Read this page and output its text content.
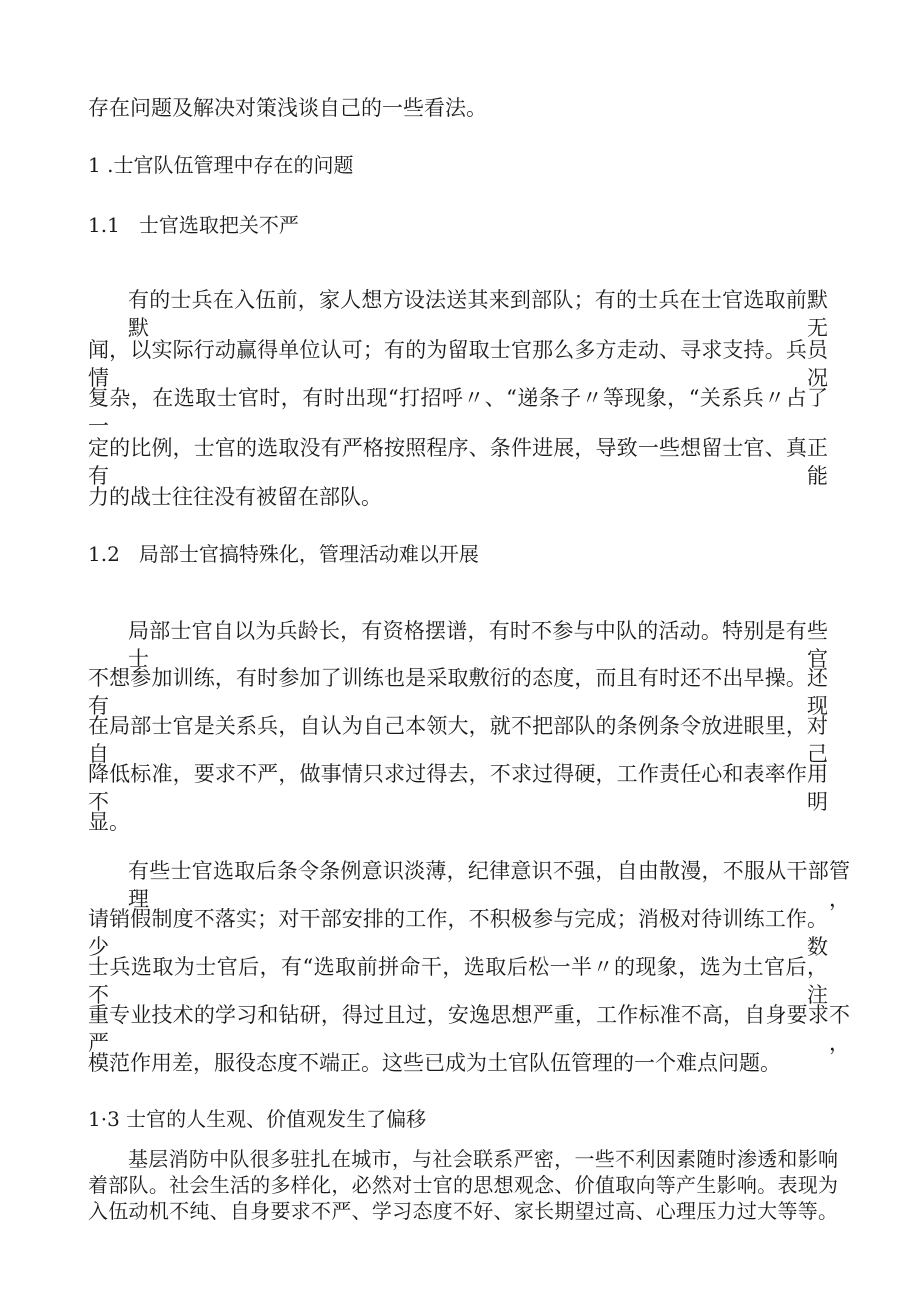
存在问题及解决对策浅谈自己的一些看法。

1 .士官队伍管理中存在的问题

1.1   士官选取把关不严

有的士兵在入伍前，家人想方设法送其来到部队；有的士兵在士官选取前默默无

闻，以实际行动赢得单位认可；有的为留取士官那么多方走动、寻求支持。兵员情况

复杂，在选取士官时，有时出现“打招呼〃、“递条子〃等现象，“关系兵〃占了一

定的比例，士官的选取没有严格按照程序、条件进展，导致一些想留士官、真正有能

力的战士往往没有被留在部队。

1.2   局部士官搞特殊化，管理活动难以开展

局部士官自以为兵龄长，有资格摆谱，有时不参与中队的活动。特别是有些士官

不想参加训练，有时参加了训练也是采取敷衍的态度，而且有时还不出早操。还有现

在局部士官是关系兵，自认为自己本领大，就不把部队的条例条令放进眼里，对自己

降低标准，要求不严，做事情只求过得去，不求过得硬，工作责任心和表率作用不明

显。

有些士官选取后条令条例意识淡薄，纪律意识不强，自由散漫，不服从干部管理，

请销假制度不落实；对干部安排的工作，不积极参与完成；消极对待训练工作。少数

士兵选取为士官后，有“选取前拼命干，选取后松一半〃的现象，选为土官后，不注

重专业技术的学习和钻研，得过且过，安逸思想严重，工作标准不高，自身要求不严，

模范作用差，服役态度不端正。这些已成为土官队伍管理的一个难点问题。

1·3 士官的人生观、价值观发生了偏移

基层消防中队很多驻扎在城市，与社会联系严密，一些不利因素随时渗透和影响

着部队。社会生活的多样化，必然对士官的思想观念、价值取向等产生影响。表现为

入伍动机不纯、自身要求不严、学习态度不好、家长期望过高、心理压力过大等等。
